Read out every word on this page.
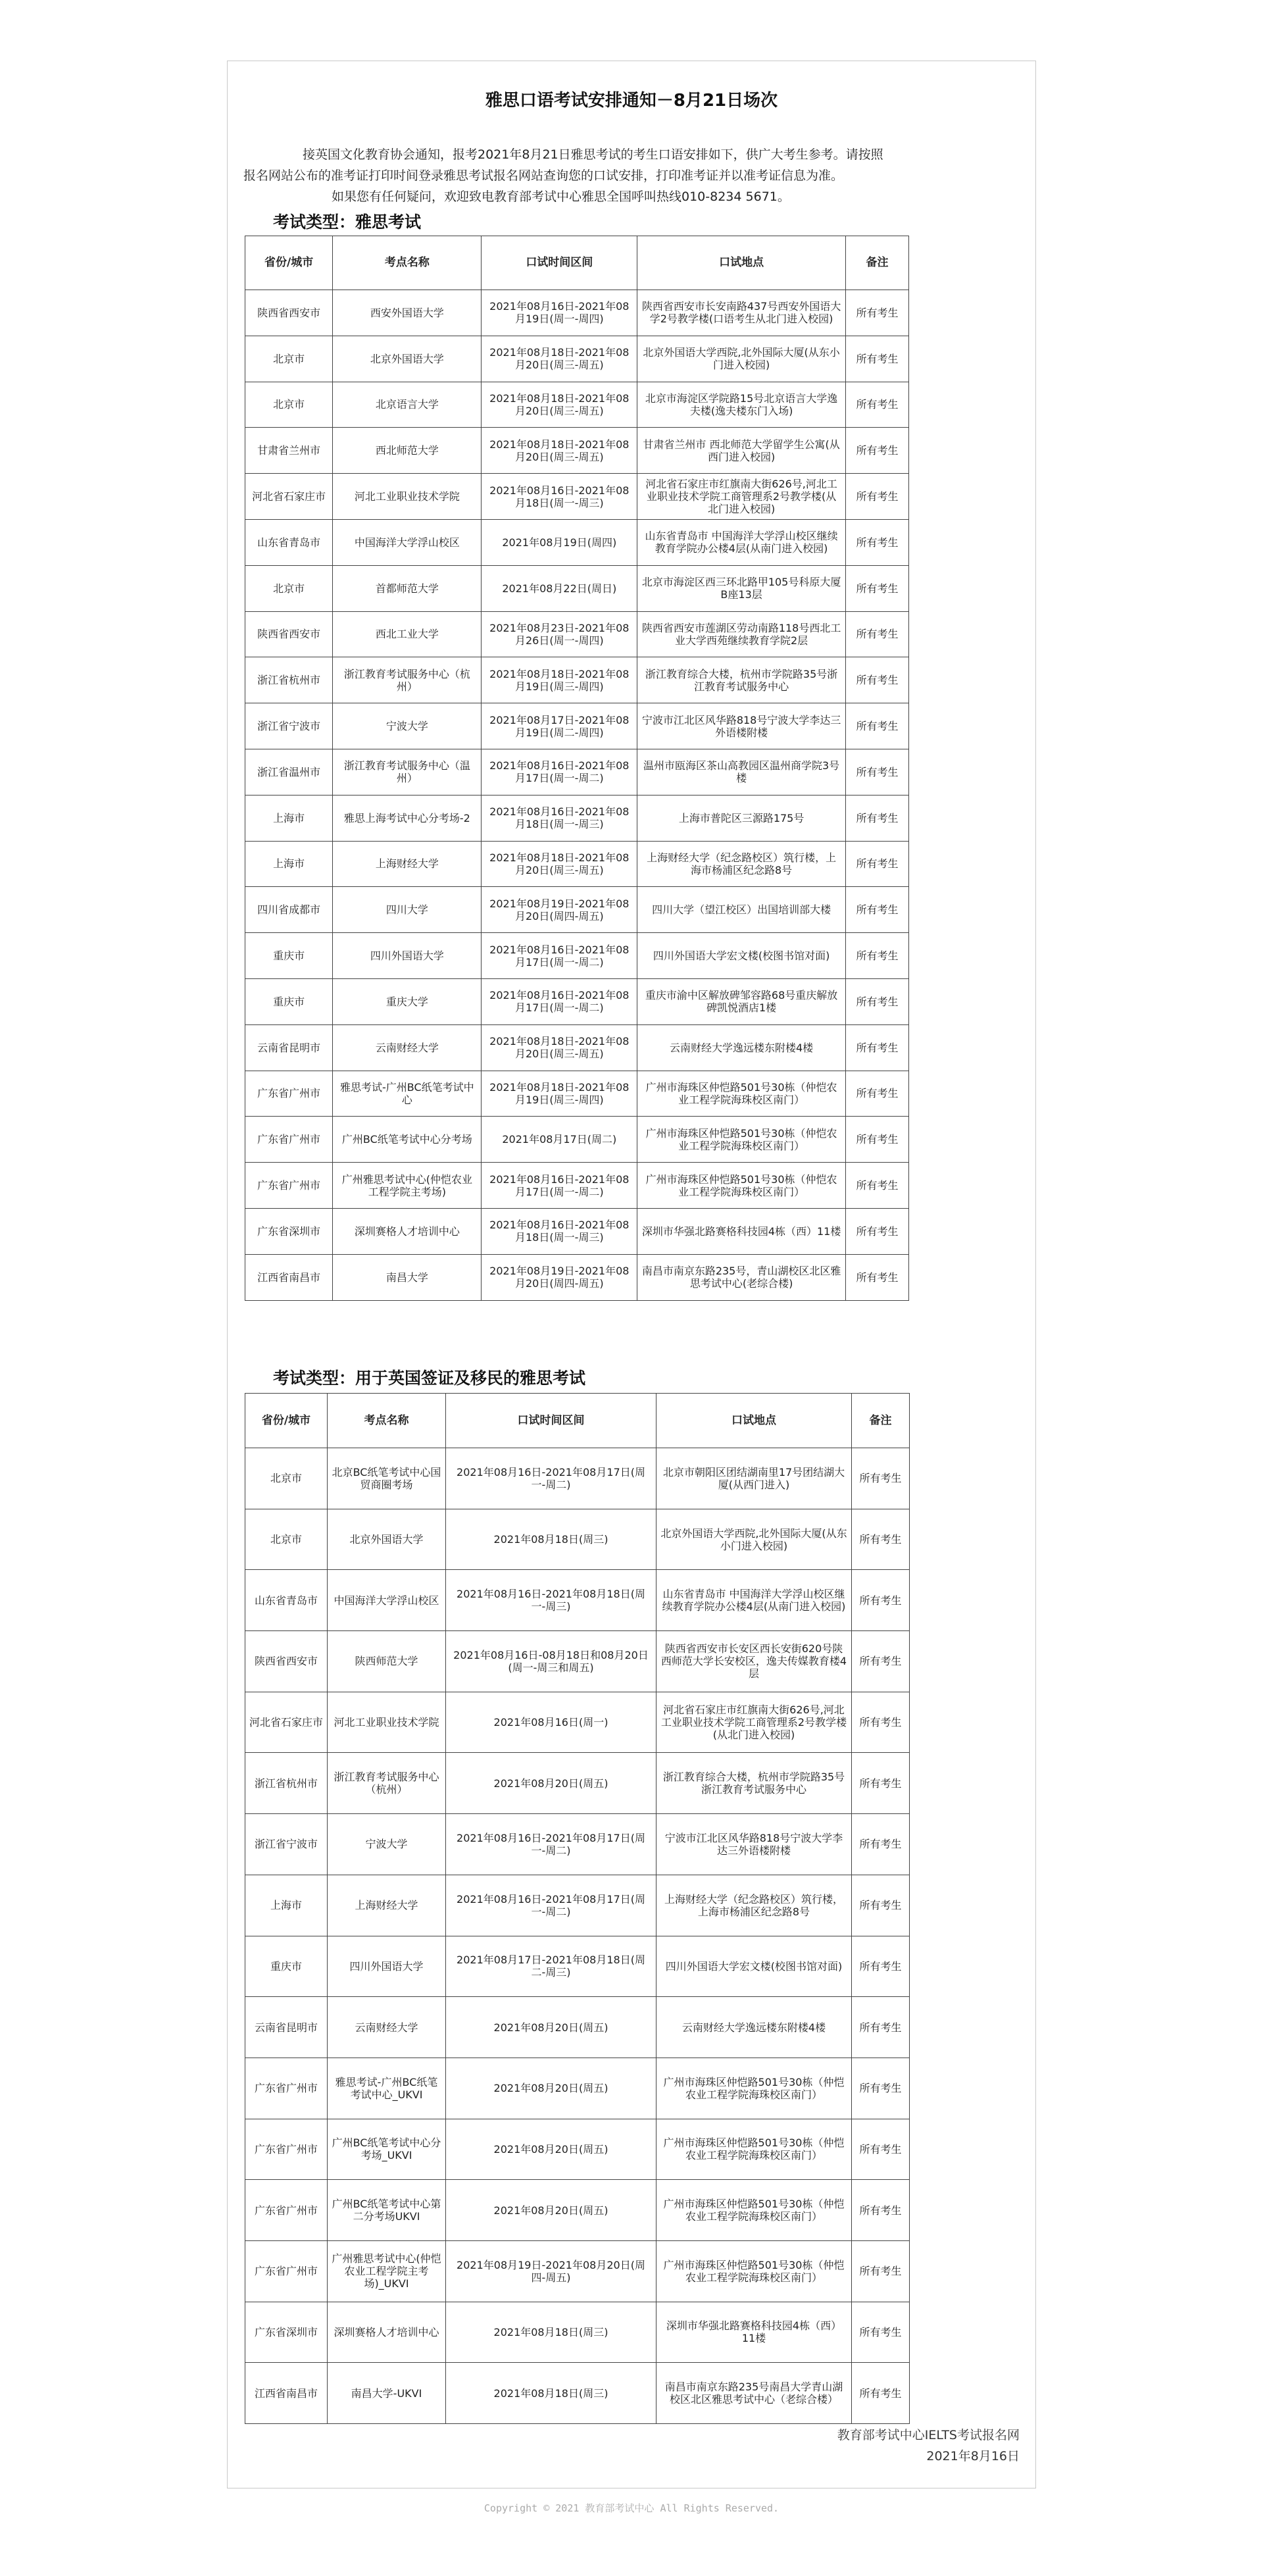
雅思口语考试安排通知－8月21日场次

接英国文化教育协会通知，报考2021年8月21日雅思考试的考生口语安排如下，供广大考生参考。请按照

报名网站公布的准考证打印时间登录雅思考试报名网站查询您的口试安排，打印准考证并以准考证信息为准。

如果您有任何疑问，欢迎致电教育部考试中心雅思全国呼叫热线010-8234 5671。

考试类型：雅思考试
省份/城市	考点名称	口试时间区间	口试地点	备注
陕西省西安市	西安外国语大学	2021年08月16日-2021年08月19日(周一-周四)	陕西省西安市长安南路437号西安外国语大学2号教学楼(口语考生从北门进入校园)	所有考生
北京市	北京外国语大学	2021年08月18日-2021年08月20日(周三-周五)	北京外国语大学西院,北外国际大厦(从东小门进入校园)	所有考生
北京市	北京语言大学	2021年08月18日-2021年08月20日(周三-周五)	北京市海淀区学院路15号北京语言大学逸夫楼(逸夫楼东门入场)	所有考生
甘肃省兰州市	西北师范大学	2021年08月18日-2021年08月20日(周三-周五)	甘肃省兰州市 西北师范大学留学生公寓(从西门进入校园)	所有考生
河北省石家庄市	河北工业职业技术学院	2021年08月16日-2021年08月18日(周一-周三)	河北省石家庄市红旗南大街626号,河北工业职业技术学院工商管理系2号教学楼(从北门进入校园)	所有考生
山东省青岛市	中国海洋大学浮山校区	2021年08月19日(周四)	山东省青岛市 中国海洋大学浮山校区继续教育学院办公楼4层(从南门进入校园)	所有考生
北京市	首都师范大学	2021年08月22日(周日)	北京市海淀区西三环北路甲105号科原大厦B座13层	所有考生
陕西省西安市	西北工业大学	2021年08月23日-2021年08月26日(周一-周四)	陕西省西安市莲湖区劳动南路118号西北工业大学西苑继续教育学院2层	所有考生
浙江省杭州市	浙江教育考试服务中心（杭州）	2021年08月18日-2021年08月19日(周三-周四)	浙江教育综合大楼，杭州市学院路35号浙江教育考试服务中心	所有考生
浙江省宁波市	宁波大学	2021年08月17日-2021年08月19日(周二-周四)	宁波市江北区风华路818号宁波大学李达三外语楼附楼	所有考生
浙江省温州市	浙江教育考试服务中心（温州）	2021年08月16日-2021年08月17日(周一-周二)	温州市瓯海区茶山高教园区温州商学院3号楼	所有考生
上海市	雅思上海考试中心分考场-2	2021年08月16日-2021年08月18日(周一-周三)	上海市普陀区三源路175号	所有考生
上海市	上海财经大学	2021年08月18日-2021年08月20日(周三-周五)	上海财经大学（纪念路校区）筑行楼，上海市杨浦区纪念路8号	所有考生
四川省成都市	四川大学	2021年08月19日-2021年08月20日(周四-周五)	四川大学（望江校区）出国培训部大楼	所有考生
重庆市	四川外国语大学	2021年08月16日-2021年08月17日(周一-周二)	四川外国语大学宏文楼(校图书馆对面)	所有考生
重庆市	重庆大学	2021年08月16日-2021年08月17日(周一-周二)	重庆市渝中区解放碑邹容路68号重庆解放碑凯悦酒店1楼	所有考生
云南省昆明市	云南财经大学	2021年08月18日-2021年08月20日(周三-周五)	云南财经大学逸远楼东附楼4楼	所有考生
广东省广州市	雅思考试-广州BC纸笔考试中心	2021年08月18日-2021年08月19日(周三-周四)	广州市海珠区仲恺路501号30栋（仲恺农业工程学院海珠校区南门）	所有考生
广东省广州市	广州BC纸笔考试中心分考场	2021年08月17日(周二)	广州市海珠区仲恺路501号30栋（仲恺农业工程学院海珠校区南门）	所有考生
广东省广州市	广州雅思考试中心(仲恺农业工程学院主考场)	2021年08月16日-2021年08月17日(周一-周二)	广州市海珠区仲恺路501号30栋（仲恺农业工程学院海珠校区南门）	所有考生
广东省深圳市	深圳赛格人才培训中心	2021年08月16日-2021年08月18日(周一-周三)	深圳市华强北路赛格科技园4栋（西）11楼	所有考生
江西省南昌市	南昌大学	2021年08月19日-2021年08月20日(周四-周五)	南昌市南京东路235号，青山湖校区北区雅思考试中心(老综合楼)	所有考生
考试类型：用于英国签证及移民的雅思考试
省份/城市	考点名称	口试时间区间	口试地点	备注
北京市	北京BC纸笔考试中心国贸商圈考场	2021年08月16日-2021年08月17日(周一-周二)	北京市朝阳区团结湖南里17号团结湖大厦(从西门进入)	所有考生
北京市	北京外国语大学	2021年08月18日(周三)	北京外国语大学西院,北外国际大厦(从东小门进入校园)	所有考生
山东省青岛市	中国海洋大学浮山校区	2021年08月16日-2021年08月18日(周一-周三)	山东省青岛市 中国海洋大学浮山校区继续教育学院办公楼4层(从南门进入校园)	所有考生
陕西省西安市	陕西师范大学	2021年08月16日-08月18日和08月20日(周一-周三和周五)	陕西省西安市长安区西长安街620号陕西师范大学长安校区，逸夫传媒教育楼4层	所有考生
河北省石家庄市	河北工业职业技术学院	2021年08月16日(周一)	河北省石家庄市红旗南大街626号,河北工业职业技术学院工商管理系2号教学楼(从北门进入校园)	所有考生
浙江省杭州市	浙江教育考试服务中心（杭州）	2021年08月20日(周五)	浙江教育综合大楼，杭州市学院路35号浙江教育考试服务中心	所有考生
浙江省宁波市	宁波大学	2021年08月16日-2021年08月17日(周一-周二)	宁波市江北区风华路818号宁波大学李达三外语楼附楼	所有考生
上海市	上海财经大学	2021年08月16日-2021年08月17日(周一-周二)	上海财经大学（纪念路校区）筑行楼，上海市杨浦区纪念路8号	所有考生
重庆市	四川外国语大学	2021年08月17日-2021年08月18日(周二-周三)	四川外国语大学宏文楼(校图书馆对面)	所有考生
云南省昆明市	云南财经大学	2021年08月20日(周五)	云南财经大学逸远楼东附楼4楼	所有考生
广东省广州市	雅思考试-广州BC纸笔考试中心_UKVI	2021年08月20日(周五)	广州市海珠区仲恺路501号30栋（仲恺农业工程学院海珠校区南门）	所有考生
广东省广州市	广州BC纸笔考试中心分考场_UKVI	2021年08月20日(周五)	广州市海珠区仲恺路501号30栋（仲恺农业工程学院海珠校区南门）	所有考生
广东省广州市	广州BC纸笔考试中心第二分考场UKVI	2021年08月20日(周五)	广州市海珠区仲恺路501号30栋（仲恺农业工程学院海珠校区南门）	所有考生
广东省广州市	广州雅思考试中心(仲恺农业工程学院主考场)_UKVI	2021年08月19日-2021年08月20日(周四-周五)	广州市海珠区仲恺路501号30栋（仲恺农业工程学院海珠校区南门）	所有考生
广东省深圳市	深圳赛格人才培训中心	2021年08月18日(周三)	深圳市华强北路赛格科技园4栋（西）11楼	所有考生
江西省南昌市	南昌大学-UKVI	2021年08月18日(周三)	南昌市南京东路235号南昌大学青山湖校区北区雅思考试中心（老综合楼）	所有考生

教育部考试中心IELTS考试报名网

2021年8月16日

Copyright © 2021 教育部考试中心 All Rights Reserved.
